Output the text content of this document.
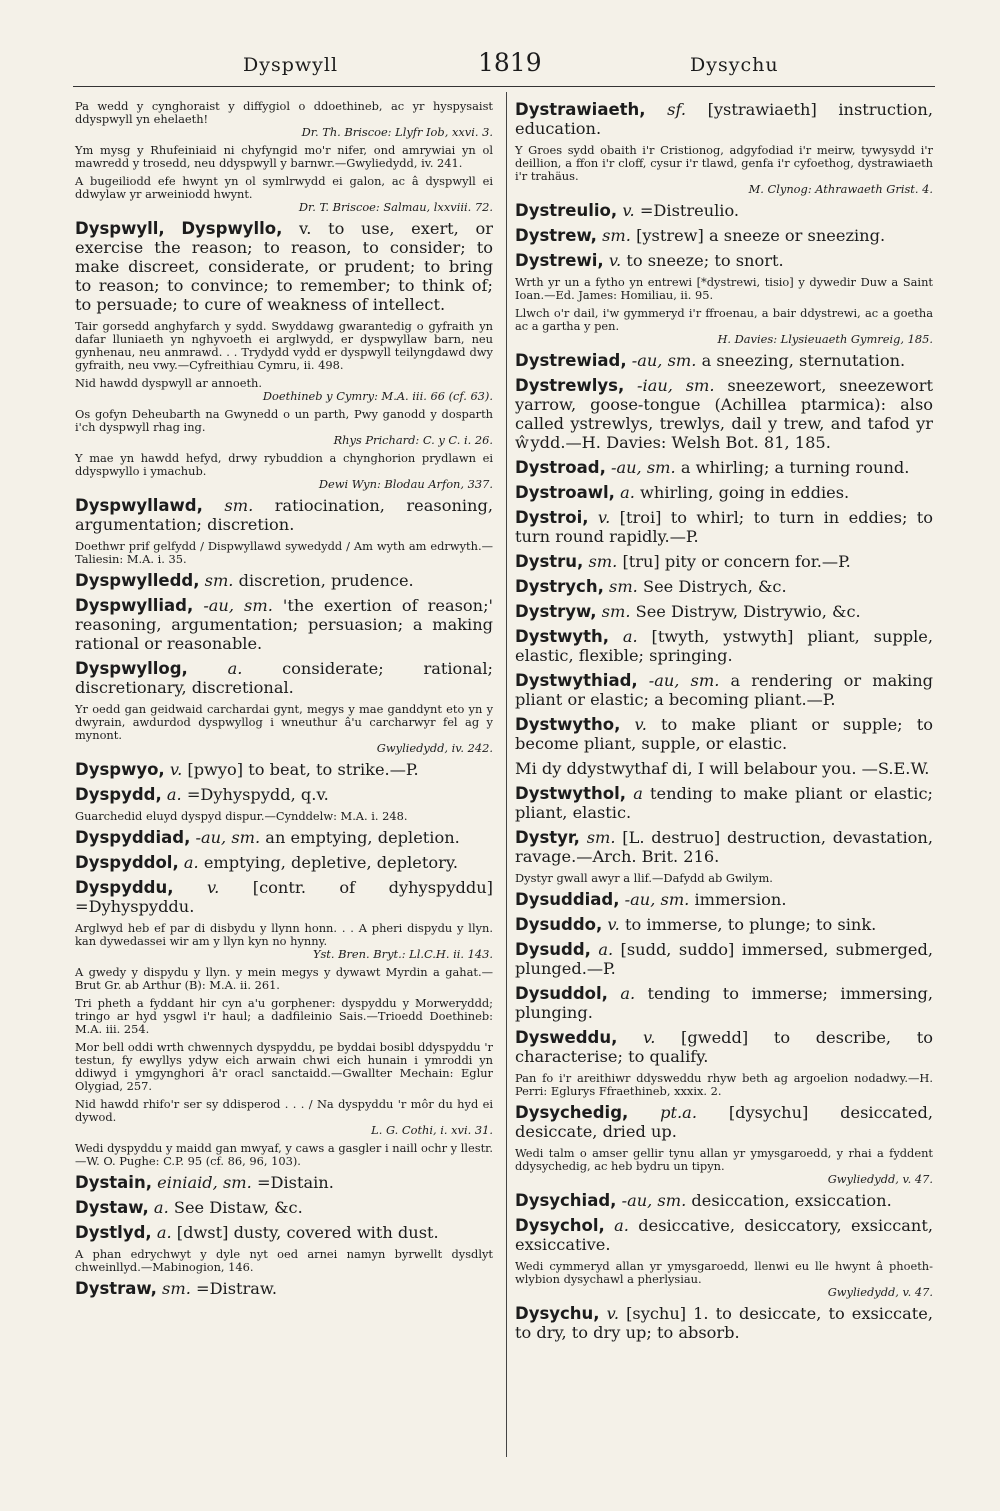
Dyspwyll	1819	Dysychu

Pa wedd y cynghoraist y diffygiol o ddoethineb, ac yr hyspysaist ddyspwyll yn ehelaeth!
Dr. Th. Briscoe: Llyfr Iob, xxvi. 3.

Ym mysg y Rhufeiniaid ni chyfyngid mo'r nifer, ond amrywiai yn ol mawredd y trosedd, neu ddyspwyll y barnwr.—Gwyliedydd, iv. 241.

A bugeiliodd efe hwynt yn ol symlrwydd ei galon, ac â dyspwyll ei ddwylaw yr arweiniodd hwynt.
Dr. T. Briscoe: Salmau, lxxviii. 72.

Dyspwyll, Dyspwyllo, v. to use, exert, or exercise the reason; to reason, to consider; to make discreet, considerate, or prudent; to bring to reason; to convince; to remember; to think of; to persuade; to cure of weakness of intellect.

Tair gorsedd anghyfarch y sydd. Swyddawg gwarantedig o gyfraith yn dafar lluniaeth yn nghyvoeth ei arglwydd, er dyspwyllaw barn, neu gynhenau, neu anmrawd. . . Trydydd vydd er dyspwyll teilyngdawd dwy gyfraith, neu vwy.—Cyfreithiau Cymru, ii. 498.

Nid hawdd dyspwyll ar annoeth.
Doethineb y Cymry: M.A. iii. 66 (cf. 63).

Os gofyn Deheubarth na Gwynedd o un parth, Pwy ganodd y dosparth i'ch dyspwyll rhag ing.
Rhys Prichard: C. y C. i. 26.

Y mae yn hawdd hefyd, drwy rybuddion a chynghorion prydlawn ei ddyspwyllo i ymachub.
Dewi Wyn: Blodau Arfon, 337.

Dyspwyllawd, sm. ratiocination, reasoning, argumentation; discretion.

Doethwr prif gelfydd / Dispwyllawd sywedydd / Am wyth am edrwyth.—Taliesin: M.A. i. 35.

Dyspwylledd, sm. discretion, prudence.

Dyspwylliad, -au, sm. 'the exertion of reason;' reasoning, argumentation; persuasion; a making rational or reasonable.

Dyspwyllog, a. considerate; rational; discretionary, discretional.

Yr oedd gan geidwaid carchardai gynt, megys y mae ganddynt eto yn y dwyrain, awdurdod dyspwyllog i wneuthur â'u carcharwyr fel ag y mynont.
Gwyliedydd, iv. 242.

Dyspwyo, v. [pwyo] to beat, to strike.—P.

Dyspydd, a. =Dyhyspydd, q.v.

Guarchedid eluyd dyspyd dispur.—Cynddelw: M.A. i. 248.

Dyspyddiad, -au, sm. an emptying, depletion.

Dyspyddol, a. emptying, depletive, depletory.

Dyspyddu, v. [contr. of dyhyspyddu] =Dyhyspyddu.

Arglwyd heb ef par di disbydu y llynn honn. . . A pheri dispydu y llyn. kan dywedassei wir am y llyn kyn no hynny.
Yst. Bren. Bryt.: Ll.C.H. ii. 143.

A gwedy y dispydu y llyn. y mein megys y dywawt Myrdin a gahat.—Brut Gr. ab Arthur (B): M.A. ii. 261.

Tri pheth a fyddant hir cyn a'u gorphener: dyspyddu y Morweryddd; tringo ar hyd ysgwl i'r haul; a dadfileinio Sais.—Trioedd Doethineb: M.A. iii. 254.

Mor bell oddi wrth chwennych dyspyddu, pe byddai bosibl ddyspyddu 'r testun, fy ewyllys ydyw eich arwain chwi eich hunain i ymroddi yn ddiwyd i ymgynghori â'r oracl sanctaidd.—Gwallter Mechain: Eglur Olygiad, 257.

Nid hawdd rhifo'r ser sy ddisperod . . . / Na dyspyddu 'r môr du hyd ei dywod.
L. G. Cothi, i. xvi. 31.

Wedi dyspyddu y maidd gan mwyaf, y caws a gasgler i naill ochr y llestr.—W. O. Pughe: C.P. 95 (cf. 86, 96, 103).

Dystain, einiaid, sm. =Distain.

Dystaw, a. See Distaw, &c.

Dystlyd, a. [dwst] dusty, covered with dust.

A phan edrychwyt y dyle nyt oed arnei namyn byrwellt dysdlyt chweinllyd.—Mabinogion, 146.

Dystraw, sm. =Distraw.

Dystrawiaeth, sf. [ystrawiaeth] instruction, education.

Y Groes sydd obaith i'r Cristionog, adgyfodiad i'r meirw, tywysydd i'r deillion, a ffon i'r cloff, cysur i'r tlawd, genfa i'r cyfoethog, dystrawiaeth i'r trahäus.
M. Clynog: Athrawaeth Grist. 4.

Dystreulio, v. =Distreulio.

Dystrew, sm. [ystrew] a sneeze or sneezing.

Dystrewi, v. to sneeze; to snort.

Wrth yr un a fytho yn entrewi [*dystrewi, tisio] y dywedir Duw a Saint Ioan.—Ed. James: Homiliau, ii. 95.

Llwch o'r dail, i'w gymmeryd i'r ffroenau, a bair ddystrewi, ac a goetha ac a gartha y pen.
H. Davies: Llysieuaeth Gymreig, 185.

Dystrewiad, -au, sm. a sneezing, sternutation.

Dystrewlys, -iau, sm. sneezewort, sneezewort yarrow, goose-tongue (Achillea ptarmica): also called ystrewlys, trewlys, dail y trew, and tafod yr ŵydd.—H. Davies: Welsh Bot. 81, 185.

Dystroad, -au, sm. a whirling; a turning round.

Dystroawl, a. whirling, going in eddies.

Dystroi, v. [troi] to whirl; to turn in eddies; to turn round rapidly.—P.

Dystru, sm. [tru] pity or concern for.—P.

Dystrych, sm. See Distrych, &c.

Dystryw, sm. See Distryw, Distrywio, &c.

Dystwyth, a. [twyth, ystwyth] pliant, supple, elastic, flexible; springing.

Dystwythiad, -au, sm. a rendering or making pliant or elastic; a becoming pliant.—P.

Dystwytho, v. to make pliant or supple; to become pliant, supple, or elastic.

Mi dy ddystwythaf di, I will belabour you. —S.E.W.

Dystwythol, a tending to make pliant or elastic; pliant, elastic.

Dystyr, sm. [L. destruo] destruction, devastation, ravage.—Arch. Brit. 216.

Dystyr gwall awyr a llif.—Dafydd ab Gwilym.

Dysuddiad, -au, sm. immersion.

Dysuddo, v. to immerse, to plunge; to sink.

Dysudd, a. [sudd, suddo] immersed, submerged, plunged.—P.

Dysuddol, a. tending to immerse; immersing, plunging.

Dysweddu, v. [gwedd] to describe, to characterise; to qualify.

Pan fo i'r areithiwr ddysweddu rhyw beth ag argoelion nodadwy.—H. Perri: Eglurys Ffraethineb, xxxix. 2.

Dysychedig, pt.a. [dysychu] desiccated, desiccate, dried up.

Wedi talm o amser gellir tynu allan yr ymysgaroedd, y rhai a fyddent ddysychedig, ac heb bydru un tipyn.
Gwyliedydd, v. 47.

Dysychiad, -au, sm. desiccation, exsiccation.

Dysychol, a. desiccative, desiccatory, exsiccant, exsiccative.

Wedi cymmeryd allan yr ymysgaroedd, llenwi eu lle hwynt â phoeth-wlybion dysychawl a pherlysiau.
Gwyliedydd, v. 47.

Dysychu, v. [sychu] 1. to desiccate, to exsiccate, to dry, to dry up; to absorb.
